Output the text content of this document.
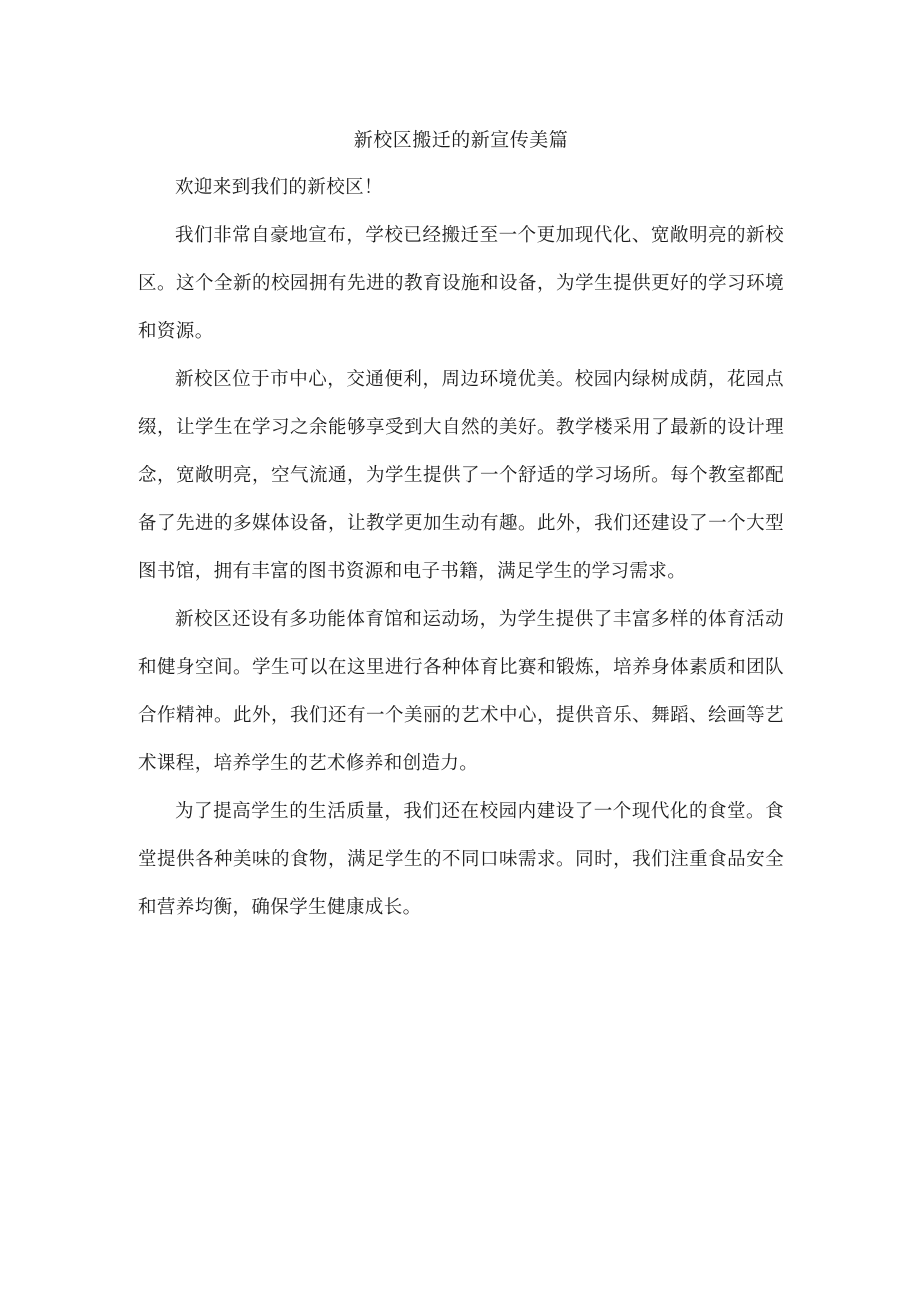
新校区搬迁的新宣传美篇

欢迎来到我们的新校区！

我们非常自豪地宣布，学校已经搬迁至一个更加现代化、宽敞明亮的新校区。这个全新的校园拥有先进的教育设施和设备，为学生提供更好的学习环境和资源。

新校区位于市中心，交通便利，周边环境优美。校园内绿树成荫，花园点缀，让学生在学习之余能够享受到大自然的美好。教学楼采用了最新的设计理念，宽敞明亮，空气流通，为学生提供了一个舒适的学习场所。每个教室都配备了先进的多媒体设备，让教学更加生动有趣。此外，我们还建设了一个大型图书馆，拥有丰富的图书资源和电子书籍，满足学生的学习需求。

新校区还设有多功能体育馆和运动场，为学生提供了丰富多样的体育活动和健身空间。学生可以在这里进行各种体育比赛和锻炼，培养身体素质和团队合作精神。此外，我们还有一个美丽的艺术中心，提供音乐、舞蹈、绘画等艺术课程，培养学生的艺术修养和创造力。

为了提高学生的生活质量，我们还在校园内建设了一个现代化的食堂。食堂提供各种美味的食物，满足学生的不同口味需求。同时，我们注重食品安全和营养均衡，确保学生健康成长。
